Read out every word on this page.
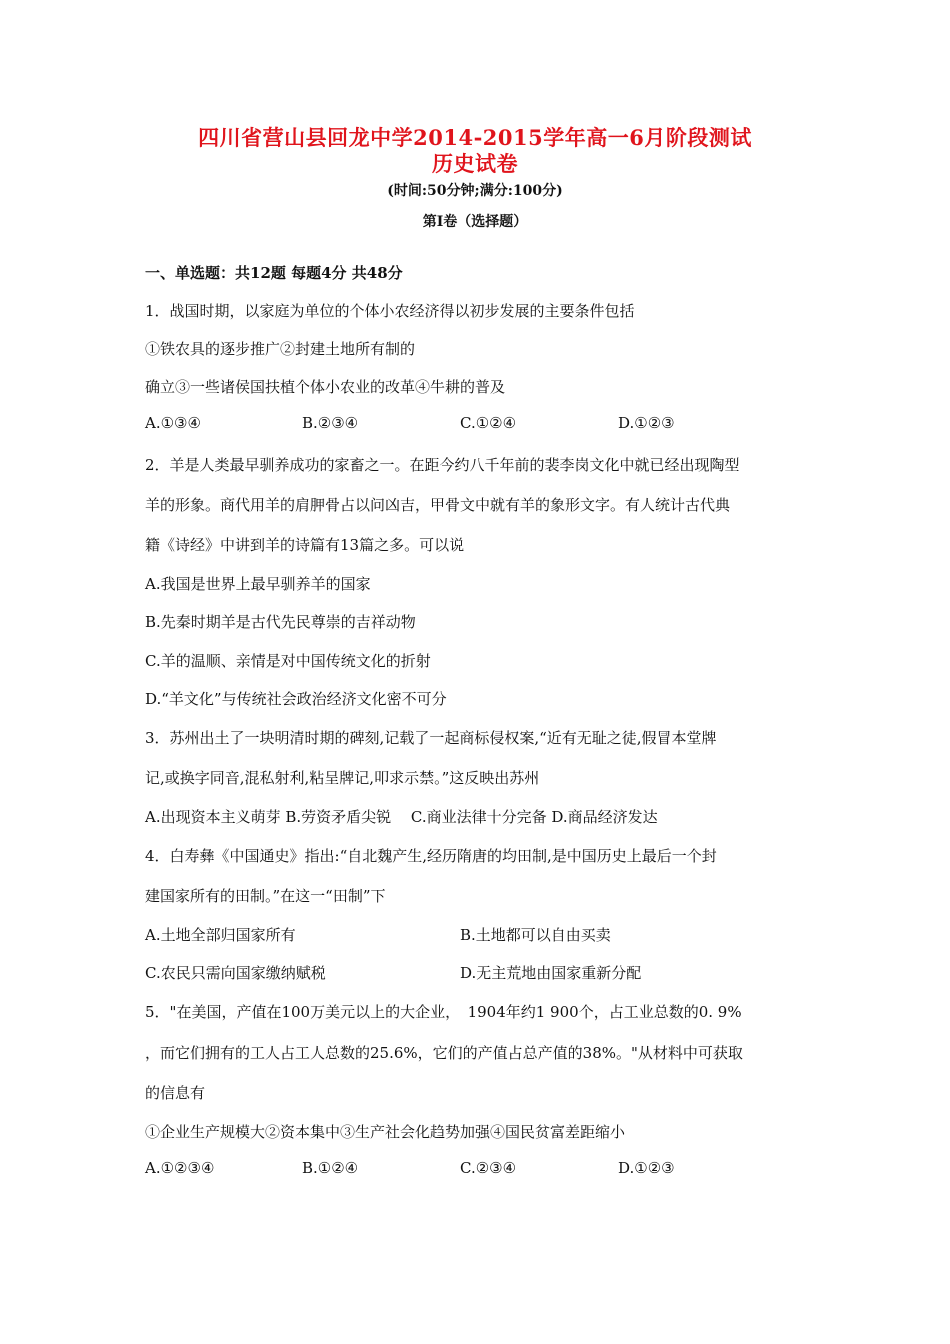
四川省营山县回龙中学2014-2015学年高一6月阶段测试
历史试卷
(时间:50分钟;满分:100分)
第I卷（选择题）
一、单选题：共12题 每题4分 共48分
1．战国时期，以家庭为单位的个体小农经济得以初步发展的主要条件包括
①铁农具的逐步推广②封建土地所有制的
确立③一些诸侯国扶植个体小农业的改革④牛耕的普及
A.①③④	B.②③④	C.①②④	D.①②③
2．羊是人类最早驯养成功的家畜之一。在距今约八千年前的裴李岗文化中就已经出现陶型
羊的形象。商代用羊的肩胛骨占以问凶吉，甲骨文中就有羊的象形文字。有人统计古代典
籍《诗经》中讲到羊的诗篇有13篇之多。可以说
A.我国是世界上最早驯养羊的国家
B.先秦时期羊是古代先民尊崇的吉祥动物
C.羊的温顺、亲情是对中国传统文化的折射
D.“羊文化”与传统社会政治经济文化密不可分
3．苏州出土了一块明清时期的碑刻,记载了一起商标侵权案,“近有无耻之徒,假冒本堂牌
记,或换字同音,混私射利,粘呈牌记,叩求示禁。”这反映出苏州
A.出现资本主义萌芽 B.劳资矛盾尖锐　 C.商业法律十分完备 D.商品经济发达
4．白寿彝《中国通史》指出:“自北魏产生,经历隋唐的均田制,是中国历史上最后一个封
建国家所有的田制。”在这一“田制”下
A.土地全部归国家所有	B.土地都可以自由买卖
C.农民只需向国家缴纳赋税	D.无主荒地由国家重新分配
5．"在美国，产值在100万美元以上的大企业，　1904年约1 900个，占工业总数的0. 9%
，而它们拥有的工人占工人总数的25.6%，它们的产值占总产值的38%。"从材料中可获取
的信息有
①企业生产规模大②资本集中③生产社会化趋势加强④国民贫富差距缩小
A.①②③④	B.①②④	C.②③④	D.①②③
